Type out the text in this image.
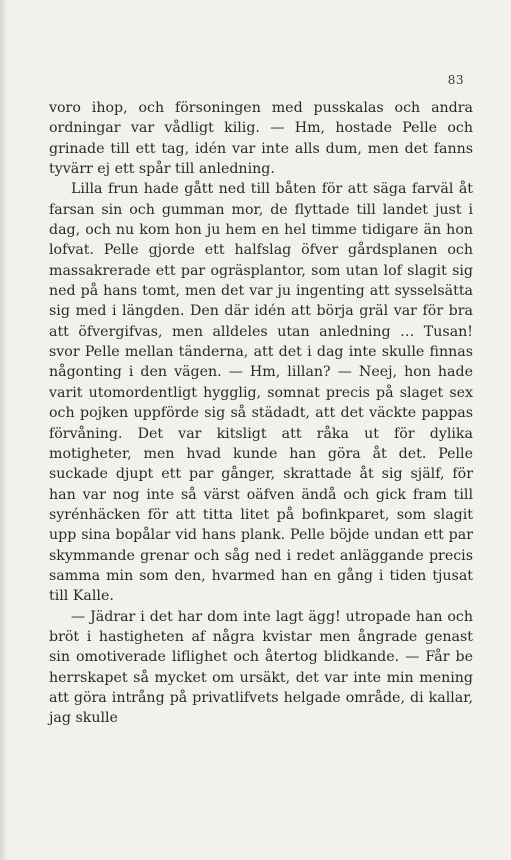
83

voro ihop, och försoningen med pusskalas och andra ordningar var vådligt kilig. — Hm, hostade Pelle och grinade till ett tag, idén var inte alls dum, men det fanns tyvärr ej ett spår till anledning.

Lilla frun hade gått ned till båten för att säga farväl åt farsan sin och gumman mor, de flyttade till landet just i dag, och nu kom hon ju hem en hel timme tidigare än hon lofvat. Pelle gjorde ett halfslag öfver gårdsplanen och massakrerade ett par ogräsplantor, som utan lof slagit sig ned på hans tomt, men det var ju ingenting att sysselsätta sig med i längden. Den där idén att börja gräl var för bra att öfvergifvas, men alldeles utan anledning … Tusan! svor Pelle mellan tänderna, att det i dag inte skulle finnas någonting i den vägen. — Hm, lillan? — Neej, hon hade varit utomordentligt hygglig, somnat precis på slaget sex och pojken uppförde sig så städadt, att det väckte pappas förvåning. Det var kitsligt att råka ut för dylika motigheter, men hvad kunde han göra åt det. Pelle suckade djupt ett par gånger, skrattade åt sig själf, för han var nog inte så värst oäfven ändå och gick fram till syrénhäcken för att titta litet på bofinkparet, som slagit upp sina bopålar vid hans plank. Pelle böjde undan ett par skymmande grenar och såg ned i redet anläggande precis samma min som den, hvarmed han en gång i tiden tjusat till Kalle.

— Jädrar i det har dom inte lagt ägg! utropade han och bröt i hastigheten af några kvistar men ångrade genast sin omotiverade liflighet och återtog blidkande. — Får be herrskapet så mycket om ursäkt, det var inte min mening att göra intrång på privatlifvets helgade område, di kallar, jag skulle
